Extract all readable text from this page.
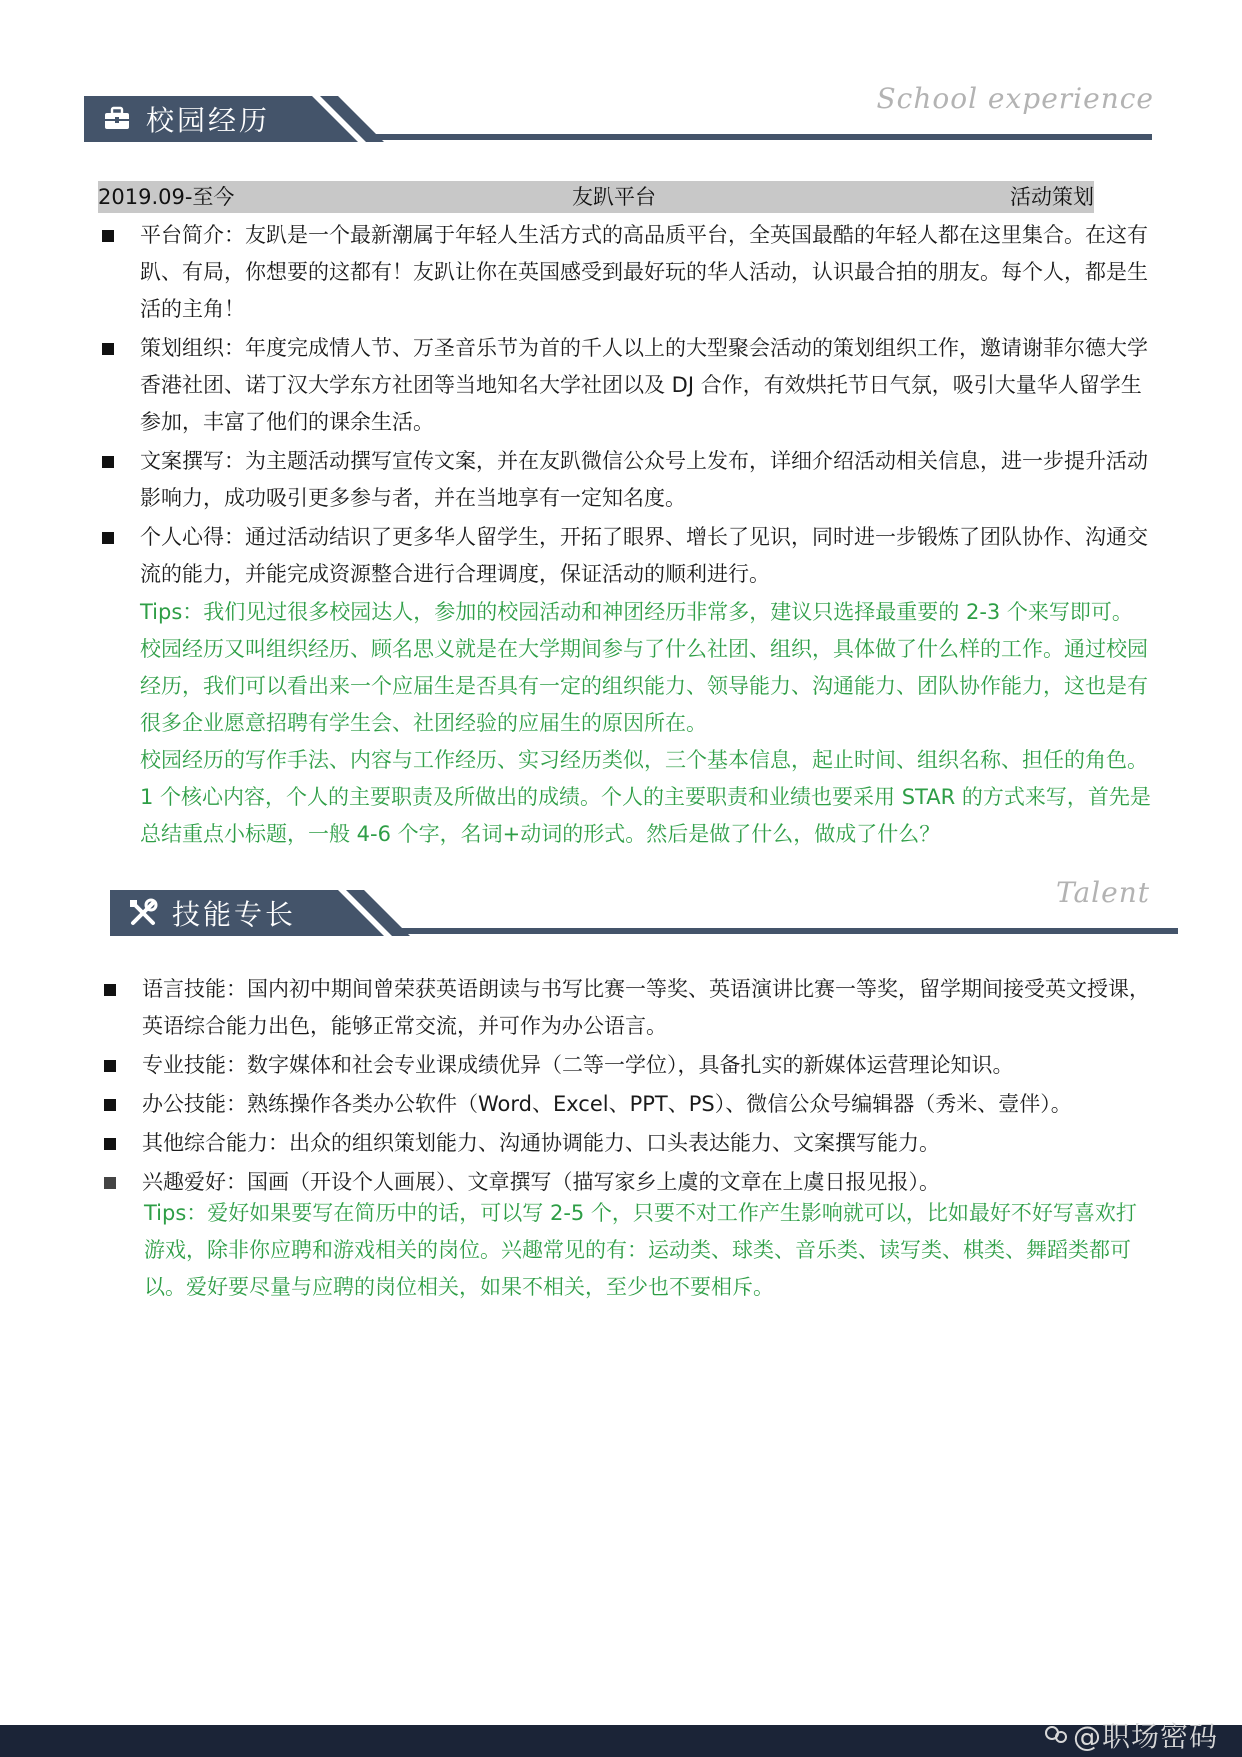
校园经历
School experience
2019.09-至今	友趴平台	活动策划
平台简介：友趴是一个最新潮属于年轻人生活方式的高品质平台，全英国最酷的年轻人都在这里集合。在这有趴、有局，你想要的这都有！友趴让你在英国感受到最好玩的华人活动，认识最合拍的朋友。每个人，都是生活的主角！
策划组织：年度完成情人节、万圣音乐节为首的千人以上的大型聚会活动的策划组织工作，邀请谢菲尔德大学香港社团、诺丁汉大学东方社团等当地知名大学社团以及 DJ 合作，有效烘托节日气氛，吸引大量华人留学生参加，丰富了他们的课余生活。
文案撰写：为主题活动撰写宣传文案，并在友趴微信公众号上发布，详细介绍活动相关信息，进一步提升活动影响力，成功吸引更多参与者，并在当地享有一定知名度。
个人心得：通过活动结识了更多华人留学生，开拓了眼界、增长了见识，同时进一步锻炼了团队协作、沟通交流的能力，并能完成资源整合进行合理调度，保证活动的顺利进行。

Tips：我们见过很多校园达人，参加的校园活动和神团经历非常多，建议只选择最重要的 2-3 个来写即可。校园经历又叫组织经历、顾名思义就是在大学期间参与了什么社团、组织，具体做了什么样的工作。通过校园经历，我们可以看出来一个应届生是否具有一定的组织能力、领导能力、沟通能力、团队协作能力，这也是有很多企业愿意招聘有学生会、社团经验的应届生的原因所在。

校园经历的写作手法、内容与工作经历、实习经历类似，三个基本信息，起止时间、组织名称、担任的角色。1 个核心内容，个人的主要职责及所做出的成绩。个人的主要职责和业绩也要采用 STAR 的方式来写，首先是总结重点小标题，一般 4-6 个字，名词+动词的形式。然后是做了什么，做成了什么？

技能专长
Talent
语言技能：国内初中期间曾荣获英语朗读与书写比赛一等奖、英语演讲比赛一等奖，留学期间接受英文授课，英语综合能力出色，能够正常交流，并可作为办公语言。
专业技能：数字媒体和社会专业课成绩优异（二等一学位），具备扎实的新媒体运营理论知识。
办公技能：熟练操作各类办公软件（Word、Excel、PPT、PS）、微信公众号编辑器（秀米、壹伴）。
其他综合能力：出众的组织策划能力、沟通协调能力、口头表达能力、文案撰写能力。
兴趣爱好：国画（开设个人画展）、文章撰写（描写家乡上虞的文章在上虞日报见报）。

Tips：爱好如果要写在简历中的话，可以写 2-5 个，只要不对工作产生影响就可以，比如最好不好写喜欢打游戏，除非你应聘和游戏相关的岗位。兴趣常见的有：运动类、球类、音乐类、读写类、棋类、舞蹈类都可以。爱好要尽量与应聘的岗位相关，如果不相关，至少也不要相斥。

@职场密码
